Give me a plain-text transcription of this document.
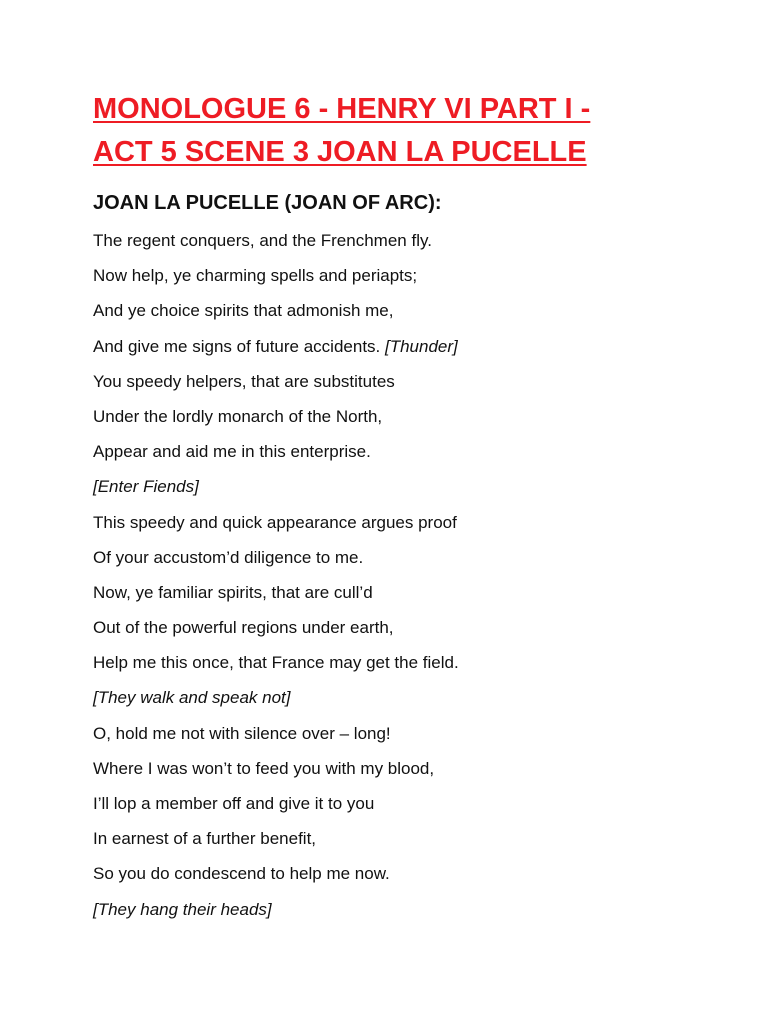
MONOLOGUE 6 - HENRY VI PART I -
ACT 5 SCENE 3 JOAN LA PUCELLE
JOAN LA PUCELLE (JOAN OF ARC):
The regent conquers, and the Frenchmen fly.
Now help, ye charming spells and periapts;
And ye choice spirits that admonish me,
And give me signs of future accidents. [Thunder]
You speedy helpers, that are substitutes
Under the lordly monarch of the North,
Appear and aid me in this enterprise.
[Enter Fiends]
This speedy and quick appearance argues proof
Of your accustom’d diligence to me.
Now, ye familiar spirits, that are cull’d
Out of the powerful regions under earth,
Help me this once, that France may get the field.
[They walk and speak not]
O, hold me not with silence over – long!
Where I was won’t to feed you with my blood,
I’ll lop a member off and give it to you
In earnest of a further benefit,
So you do condescend to help me now.
[They hang their heads]
